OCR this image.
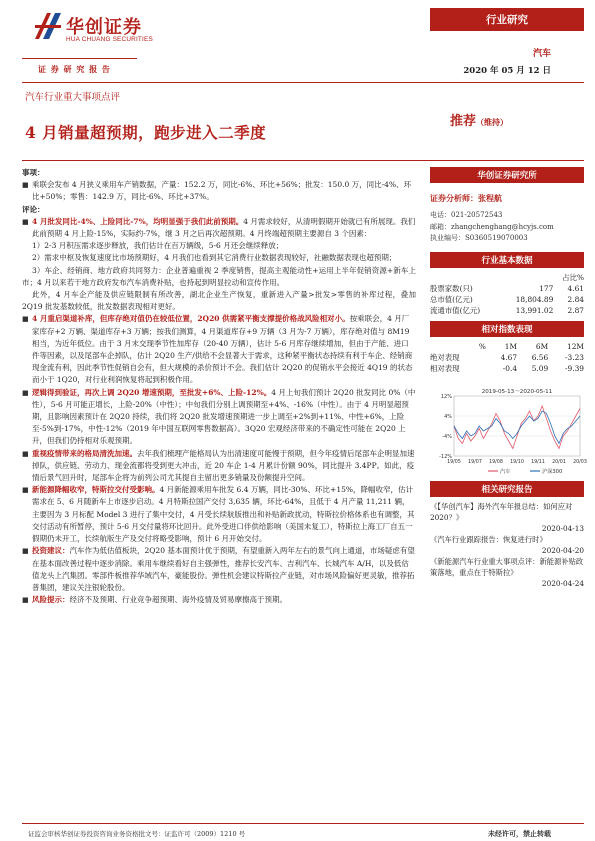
华创证券
HUA CHUANG SECURITIES
证 券 研 究 报 告
行业研究
汽车
2020 年 05 月 12 日
汽车行业重大事项点评
4 月销量超预期，跑步进入二季度
推荐（维持）

事项：

■ 乘联会发布 4 月狭义乘用车产销数据，产量：152.2 万，同比-6%、环比+56%；批发：150.0 万，同比-4%、环比+50%；零售：142.9 万，同比-6%、环比+37%。

评论：

■ 4 月批发同比-4%、上险同比-7%，均明显强于我们此前预期。4 月需求较好，从清明假期开始就已有所展现。我们此前预期 4 月上险-15%，实际约-7%，继 3 月之后再次超预期。4 月终端超预期主要源自 3 个因素：

1）2-3 月积压需求逐步释放，我们估计在百万辆级，5-6 月还会继续释放；

2）需求中枢及恢复速度比市场预期好，4 月我们也看到其它消费行业数据表现较好，社融数据表现也超预期；

3）车企、经销商、地方政府共同努力：企业普遍重视 2 季度销售，提高主观能动性+运用上半年促销资源+新车上市；4 月以来若干地方政府发布汽车消费补贴，也持起到明显拉动和宣传作用。

此外，4 月车企产能及供应链限制有所改善，湖北企业生产恢复，重新进入产量>批发>零售的补库过程，叠加 2Q19 批发基数较低，批发数据表现相对更好。

■ 4 月重启渠道补库，但库存绝对值仍在较低位置，2Q20 供需紧平衡支撑提价格战风险相对小。按乘联会，4 月厂家库存+2 万辆、渠道库存+3 万辆；按我们测算，4 月渠道库存+9 万辆（3 月为-7 万辆），库存绝对值与 8M19 相当，为近年低位。由于 3 月末交现季节性加库存（20-40 万辆），估计 5-6 月库存继续增加，但由于产能、进口件等因素，以及尾部车企掉队，估计 2Q20 生产/供给不会显著大于需求，这种紧平衡状态持续有利于车企、经销商现金流有利，因此季节性促销自会有，但大规模的杀价预计不会。我们估计 2Q20 的促销水平会接近 4Q19 的状态而小于 1Q20，对行业利润恢复将起到积极作用。
■ 逻辑得到验证，再次上调 2Q20 增速预期，至批发+6%、上险-12%。4 月上旬我们预计 2Q20 批发同比 0%（中性），5-6 月可能正增长，上险-20%（中性）；中旬我们分别上调预期至+4%、-16%（中性）。由于 4 月明显超预期，且影响因素预计在 2Q20 持续，我们将 2Q20 批发增速预期进一步上调至+2%到+11%、中性+6%，上险至-5%到-17%，中性-12%（2019 年中国互联网零售数据高）。3Q20 宏观经济带来的不确定性可能在 2Q20 上升，但我们仍持相对乐观预期。
■ 重视疫情带来的格局清洗加速。去年我们梳理产能格局认为出清速度可能慢于预期，但今年疫情后尾部车企明显加速掉队，供应链、劳动力、现金流都将受到更大冲击，近 20 车企 1-4 月累计份额 90%，同比提升 3.4PP。如此，疫情后景气回升时，尾部车企将为前列公司尤其提自主留出更多销量及份额提升空间。
■ 新能源降幅收窄，特斯拉交付受影响。4 月新能源乘用车批发 6.4 万辆，同比-30%、环比+15%，降幅收窄，估计需求在 5、6 月随新车上市逐步启动。4 月特斯拉国产交付 3,635 辆，环比-64%，且低于 4 月产量 11,211 辆，主要因为 3 月标配 Model 3 进行了集中交付，4 月受长续航版推出和补贴新政扰动，特斯拉价格体系也有调整，其交付活动有所暂停，预计 5-6 月交付量将环比回升。此外受进口伴供给影响（美国未复工），特斯拉上海工厂自五一假期仍未开工，长续航版生产及交付将略受影响，预计 6 月开始交付。
■ 投资建议：汽车作为低估值板块，2Q20 基本面预计优于预期，有望重新入两年左右的景气向上通道，市场疑虑有望在基本面改善过程中逐步消除。乘用车继续看好自主强弹性，推荐长安汽车、吉利汽车、长城汽车 A/H，以及低估值龙头上汽集团。零部件板推荐华域汽车，豪能股份。弹性机会建议特斯拉产业链，对市场风险偏好更灵敏，推荐拓普集团，建议关注银轮股份。
■ 风险提示：经济不及预期、行业竞争超预期、海外疫情及贸易摩擦高于预期。
华创证券研究所
证券分析师：张程航
电话：021-20572543
邮箱：zhangchenghang@hcyjs.com
执业编号：S0360519070003
行业基本数据
		占比%
股票家数(只)	177	4.61
总市值(亿元)	18,804.89	2.84
流通市值(亿元)	13,991.02	2.87
相对指数表现
%	1M	6M	12M
绝对表现	4.67	6.56	-3.23
相对表现	-0.4	5.09	-9.39
2019-05-13～2020-05-11
12%
4%
-4%
-12%
19/05 19/07 19/08 19/10 19/11 20/01 20/03
汽车	沪深300
相关研究报告
《【华创汽车】海外汽车年报总结：如何应对 2020？》
2020-04-13
《汽车行业跟踪报告：恢复进行时》
2020-04-20
《新能源汽车行业重大事项点评：新能源补贴政策落地，重点在于特斯拉》
2020-04-24
证监会审核华创证券投资咨询业务资格批文号：证监许可（2009）1210 号	未经许可，禁止转载
